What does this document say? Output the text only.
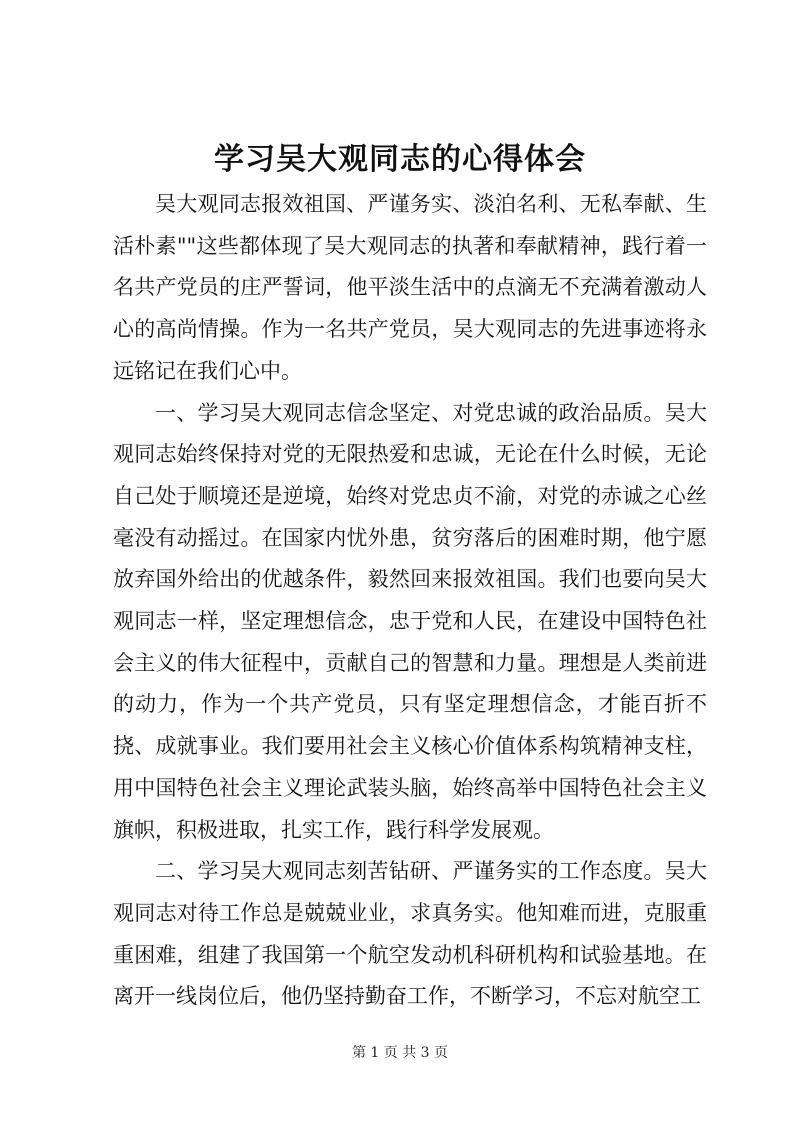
学习吴大观同志的心得体会

吴大观同志报效祖国、严谨务实、淡泊名利、无私奉献、生活朴素""这些都体现了吴大观同志的执著和奉献精神，践行着一名共产党员的庄严誓词，他平淡生活中的点滴无不充满着激动人心的高尚情操。作为一名共产党员，吴大观同志的先进事迹将永远铭记在我们心中。

一、学习吴大观同志信念坚定、对党忠诚的政治品质。吴大观同志始终保持对党的无限热爱和忠诚，无论在什么时候，无论自己处于顺境还是逆境，始终对党忠贞不渝，对党的赤诚之心丝毫没有动摇过。在国家内忧外患，贫穷落后的困难时期，他宁愿放弃国外给出的优越条件，毅然回来报效祖国。我们也要向吴大观同志一样，坚定理想信念，忠于党和人民，在建设中国特色社会主义的伟大征程中，贡献自己的智慧和力量。理想是人类前进的动力，作为一个共产党员，只有坚定理想信念，才能百折不挠、成就事业。我们要用社会主义核心价值体系构筑精神支柱，用中国特色社会主义理论武装头脑，始终高举中国特色社会主义旗帜，积极进取，扎实工作，践行科学发展观。

二、学习吴大观同志刻苦钻研、严谨务实的工作态度。吴大观同志对待工作总是兢兢业业，求真务实。他知难而进，克服重重困难，组建了我国第一个航空发动机科研机构和试验基地。在离开一线岗位后，他仍坚持勤奋工作，不断学习，不忘对航空工

第 1 页 共 3 页
